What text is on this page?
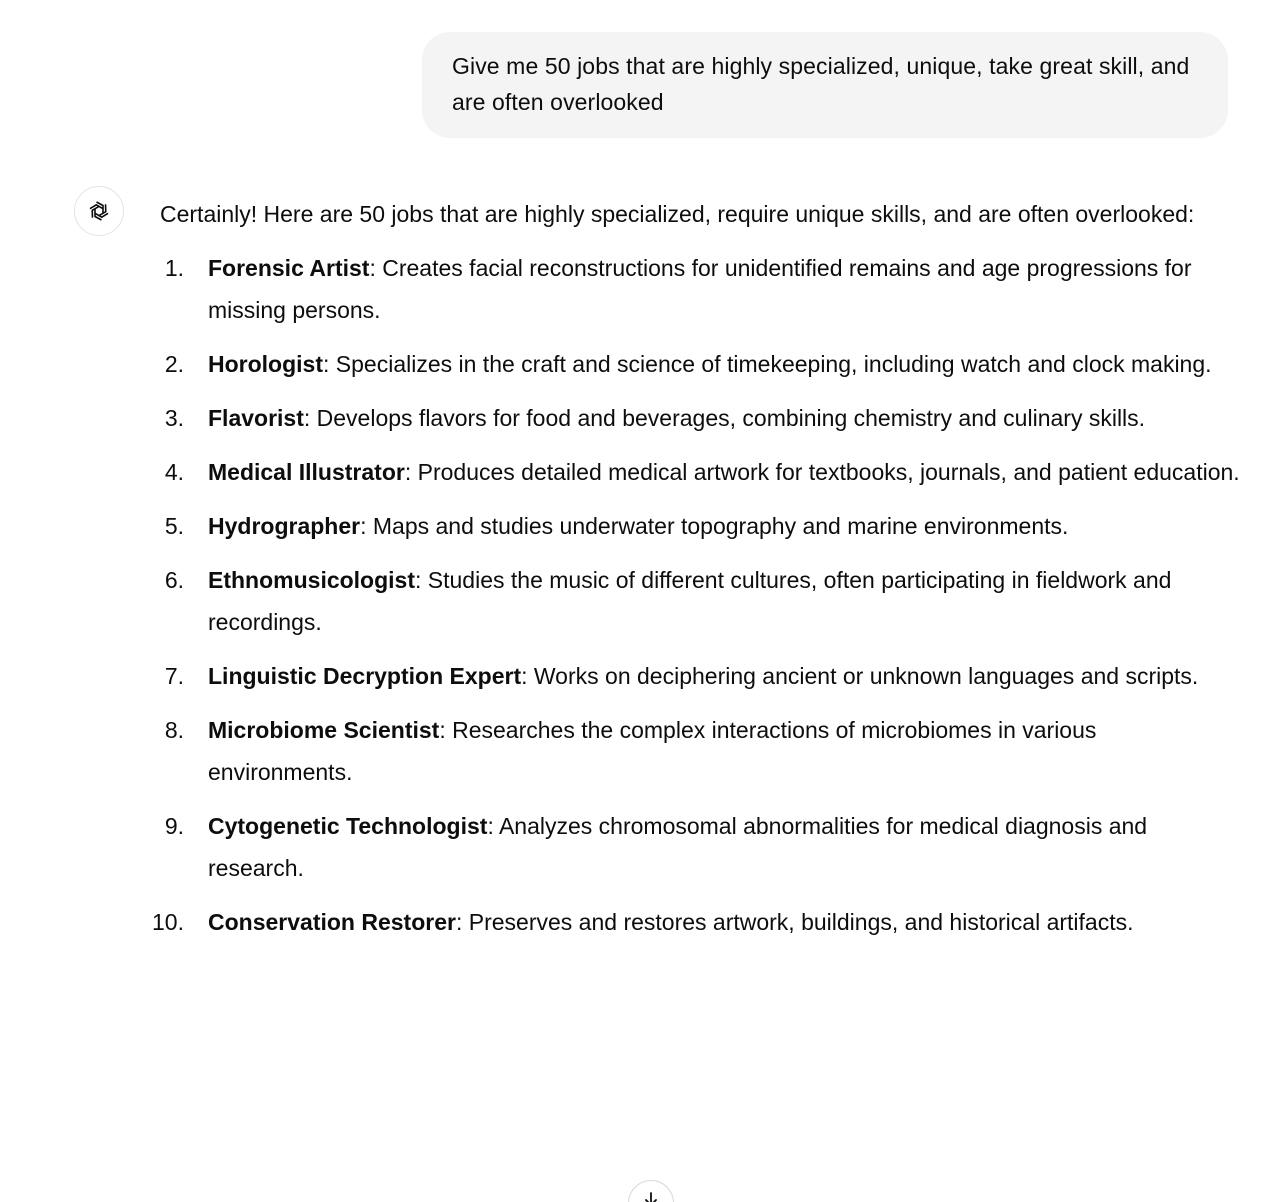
Give me 50 jobs that are highly specialized, unique, take great skill, and are often overlooked

Certainly! Here are 50 jobs that are highly specialized, require unique skills, and are often overlooked:

1. Forensic Artist: Creates facial reconstructions for unidentified remains and age progressions for missing persons.
2. Horologist: Specializes in the craft and science of timekeeping, including watch and clock making.
3. Flavorist: Develops flavors for food and beverages, combining chemistry and culinary skills.
4. Medical Illustrator: Produces detailed medical artwork for textbooks, journals, and patient education.
5. Hydrographer: Maps and studies underwater topography and marine environments.
6. Ethnomusicologist: Studies the music of different cultures, often participating in fieldwork and recordings.
7. Linguistic Decryption Expert: Works on deciphering ancient or unknown languages and scripts.
8. Microbiome Scientist: Researches the complex interactions of microbiomes in various environments.
9. Cytogenetic Technologist: Analyzes chromosomal abnormalities for medical diagnosis and research.
10. Conservation Restorer: Preserves and restores artwork, buildings, and historical artifacts.
